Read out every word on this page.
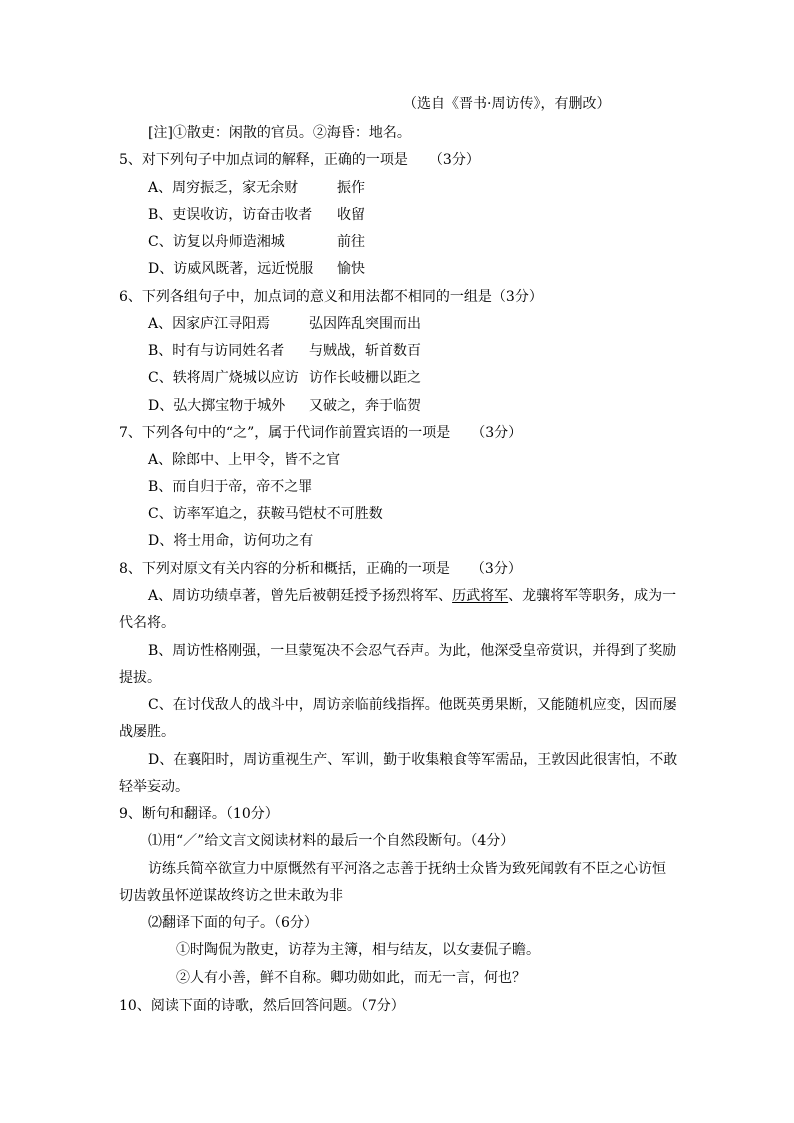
（选自《晋书·周访传》，有删改）
[注]①散吏：闲散的官员。②海昏：地名。
5、对下列句子中加点词的解释，正确的一项是　　（3分）
A、周穷振乏，家无余财	振作
B、吏误收访，访奋击收者 收留
C、访复以舟师造湘城	前往
D、访威风既著，远近悦服 愉快
6、下列各组句子中，加点词的意义和用法都不相同的一组是（3分）
A、因家庐江寻阳焉	弘因阵乱突围而出
B、时有与访同姓名者 与贼战，斩首数百
C、轶将周广烧城以应访 访作长岐栅以距之
D、弘大掷宝物于城外 又破之，奔于临贺
7、下列各句中的“之”，属于代词作前置宾语的一项是　　（3分）
A、除郎中、上甲令，皆不之官
B、而自归于帝，帝不之罪
C、访率军追之，获鞍马铠杖不可胜数
D、将士用命，访何功之有
8、下列对原文有关内容的分析和概括，正确的一项是　　（3分）
A、周访功绩卓著，曾先后被朝廷授予扬烈将军、历武将军、龙骧将军等职务，成为一
代名将。
B、周访性格刚强，一旦蒙冤决不会忍气吞声。为此，他深受皇帝赏识，并得到了奖励
提拔。
C、在讨伐敌人的战斗中，周访亲临前线指挥。他既英勇果断，又能随机应变，因而屡
战屡胜。
D、在襄阳时，周访重视生产、军训，勤于收集粮食等军需品，王敦因此很害怕，不敢
轻举妄动。
9、断句和翻译。（10分）
⑴用“／”给文言文阅读材料的最后一个自然段断句。（4分）
访练兵简卒欲宣力中原慨然有平河洛之志善于抚纳士众皆为致死闻敦有不臣之心访恒
切齿敦虽怀逆谋故终访之世未敢为非
⑵翻译下面的句子。（6分）
①时陶侃为散吏，访荐为主簿，相与结友，以女妻侃子瞻。
②人有小善，鲜不自称。卿功勋如此，而无一言，何也？
10、阅读下面的诗歌，然后回答问题。（7分）
